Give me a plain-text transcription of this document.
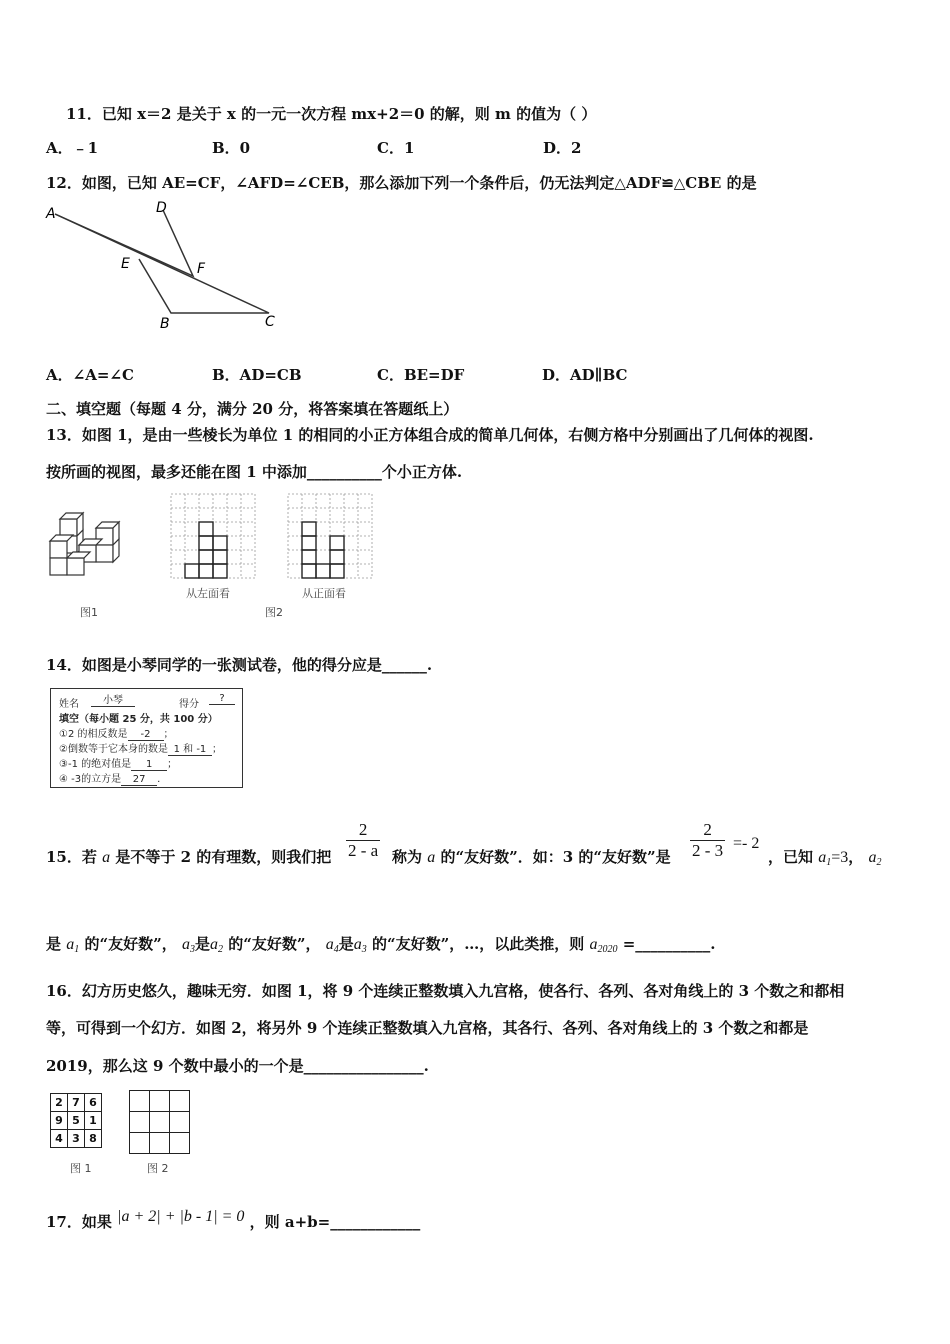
11．已知 x＝2 是关于 x 的一元一次方程 mx+2＝0 的解，则 m 的值为（ ）
A．﹣1	B．0	C．1	D．2
12．如图，已知 AE=CF，∠AFD=∠CEB，那么添加下列一个条件后，仍无法判定△ADF≌△CBE 的是
A	D
E	F
B	C
A．∠A=∠C	B．AD=CB	C．BE=DF	D．AD∥BC
二、填空题（每题 4 分，满分 20 分，将答案填在答题纸上）
13．如图 1，是由一些棱长为单位 1 的相同的小正方体组合成的简单几何体，右侧方格中分别画出了几何体的视图.
按所画的视图，最多还能在图 1 中添加__________个小正方体.
图1
从左面看
图2
从正面看
14．如图是小琴同学的一张测试卷，他的得分应是______.
姓名	小琴	得分
?
填空（每小题 25 分，共 100 分）
①2 的相反数是 -2 ；
②倒数等于它本身的数是 1 和 -1 ；
③-1 的绝对值是 1 ；
④ -3的立方是 27 .
15．若 a 是不等于 2 的有理数，则我们把 $\frac{2}{2 - a}$ 称为 a 的“友好数”．如：3 的“友好数”是 $\frac{2}{2 - 3} =- 2$
，已知 $a_1=3$， $a_2$
是 $a_1$ 的“友好数”， $a_3$是$a_2$ 的“友好数”， $a_4$是$a_3$ 的“友好数”，…，以此类推，则 $a_{2020}$ =__________.
16．幻方历史悠久，趣味无穷．如图 1，将 9 个连续正整数填入九宫格，使各行、各列、各对角线上的 3 个数之和都相
等，可得到一个幻方．如图 2，将另外 9 个连续正整数填入九宫格，其各行、各列、各对角线上的 3 个数之和都是
2019，那么这 9 个数中最小的一个是________________.
2	7	6
9	5	1
4	3	8

图 1	图 2
17．如果 |a + 2| + |b - 1| = 0 ，则 a+b=____________
